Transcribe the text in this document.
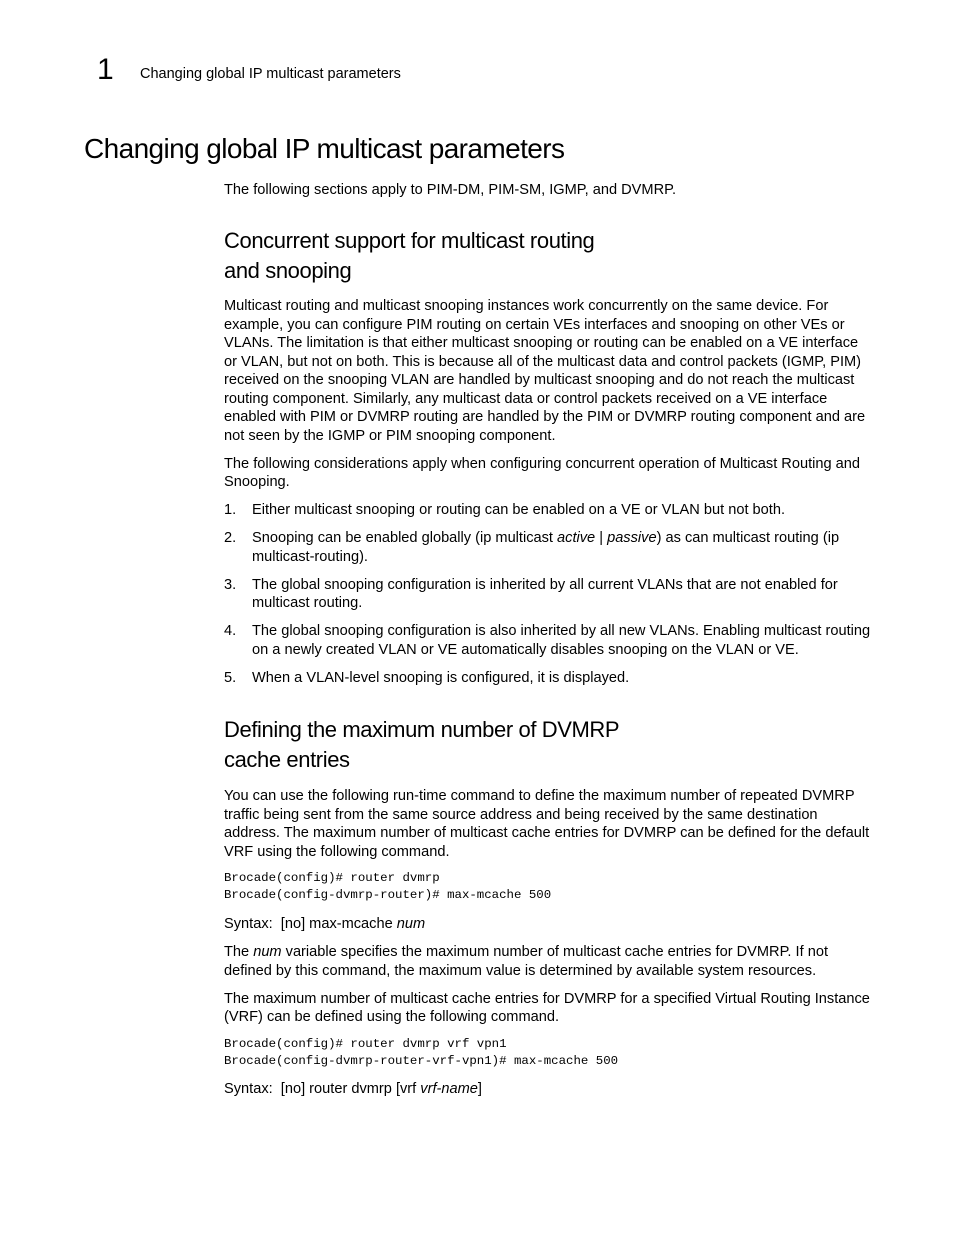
1 Changing global IP multicast parameters
Changing global IP multicast parameters

The following sections apply to PIM-DM, PIM-SM, IGMP, and DVMRP.

Concurrent support for multicast routing
and snooping

Multicast routing and multicast snooping instances work concurrently on the same device. For example, you can configure PIM routing on certain VEs interfaces and snooping on other VEs or VLANs. The limitation is that either multicast snooping or routing can be enabled on a VE interface or VLAN, but not on both. This is because all of the multicast data and control packets (IGMP, PIM) received on the snooping VLAN are handled by multicast snooping and do not reach the multicast routing component. Similarly, any multicast data or control packets received on a VE interface enabled with PIM or DVMRP routing are handled by the PIM or DVMRP routing component and are not seen by the IGMP or PIM snooping component.

The following considerations apply when configuring concurrent operation of Multicast Routing and Snooping.

1. Either multicast snooping or routing can be enabled on a VE or VLAN but not both.
2. Snooping can be enabled globally (ip multicast active | passive) as can multicast routing (ip multicast-routing).
3. The global snooping configuration is inherited by all current VLANs that are not enabled for multicast routing.
4. The global snooping configuration is also inherited by all new VLANs. Enabling multicast routing on a newly created VLAN or VE automatically disables snooping on the VLAN or VE.
5. When a VLAN-level snooping is configured, it is displayed.
Defining the maximum number of DVMRP
cache entries

You can use the following run-time command to define the maximum number of repeated DVMRP traffic being sent from the same source address and being received by the same destination address. The maximum number of multicast cache entries for DVMRP can be defined for the default VRF using the following command.

Brocade(config)# router dvmrp
Brocade(config-dvmrp-router)# max-mcache 500
Syntax: [no] max-mcache num

The num variable specifies the maximum number of multicast cache entries for DVMRP. If not defined by this command, the maximum value is determined by available system resources.

The maximum number of multicast cache entries for DVMRP for a specified Virtual Routing Instance (VRF) can be defined using the following command.

Brocade(config)# router dvmrp vrf vpn1
Brocade(config-dvmrp-router-vrf-vpn1)# max-mcache 500
Syntax: [no] router dvmrp [vrf vrf-name]
